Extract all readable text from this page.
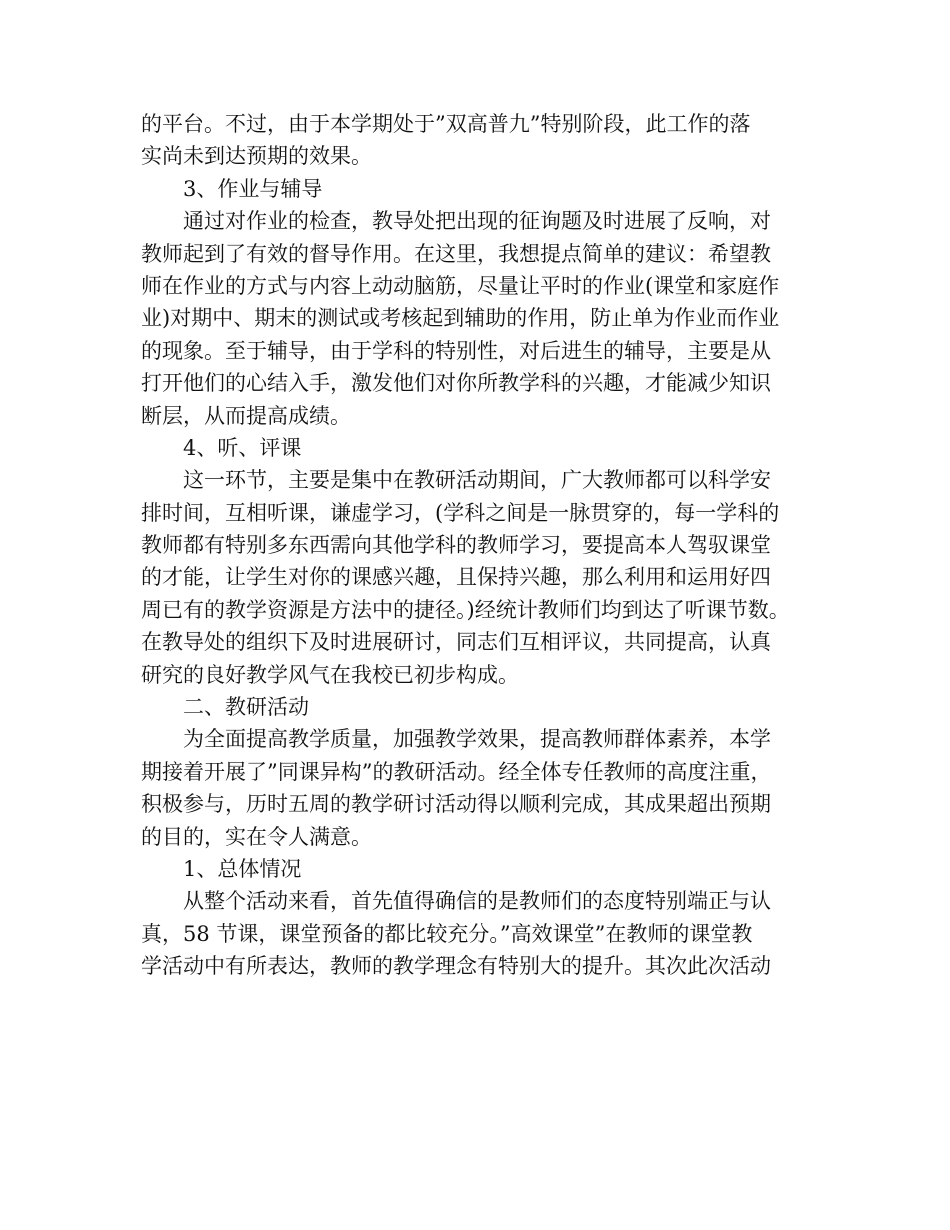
的平台。不过，由于本学期处于”双高普九”特别阶段，此工作的落
实尚未到达预期的效果。
3、作业与辅导
通过对作业的检查，教导处把出现的征询题及时进展了反响，对
教师起到了有效的督导作用。在这里，我想提点简单的建议：希望教
师在作业的方式与内容上动动脑筋，尽量让平时的作业(课堂和家庭作
业)对期中、期末的测试或考核起到辅助的作用，防止单为作业而作业
的现象。至于辅导，由于学科的特别性，对后进生的辅导，主要是从
打开他们的心结入手，激发他们对你所教学科的兴趣，才能减少知识
断层，从而提高成绩。
4、听、评课
这一环节，主要是集中在教研活动期间，广大教师都可以科学安
排时间，互相听课，谦虚学习，(学科之间是一脉贯穿的，每一学科的
教师都有特别多东西需向其他学科的教师学习，要提高本人驾驭课堂
的才能，让学生对你的课感兴趣，且保持兴趣，那么利用和运用好四
周已有的教学资源是方法中的捷径。)经统计教师们均到达了听课节数。
在教导处的组织下及时进展研讨，同志们互相评议，共同提高，认真
研究的良好教学风气在我校已初步构成。
二、教研活动
为全面提高教学质量，加强教学效果，提高教师群体素养，本学
期接着开展了”同课异构”的教研活动。经全体专任教师的高度注重，
积极参与，历时五周的教学研讨活动得以顺利完成，其成果超出预期
的目的，实在令人满意。
1、总体情况
从整个活动来看，首先值得确信的是教师们的态度特别端正与认
真，58 节课，课堂预备的都比较充分。”高效课堂”在教师的课堂教
学活动中有所表达，教师的教学理念有特别大的提升。其次此次活动
